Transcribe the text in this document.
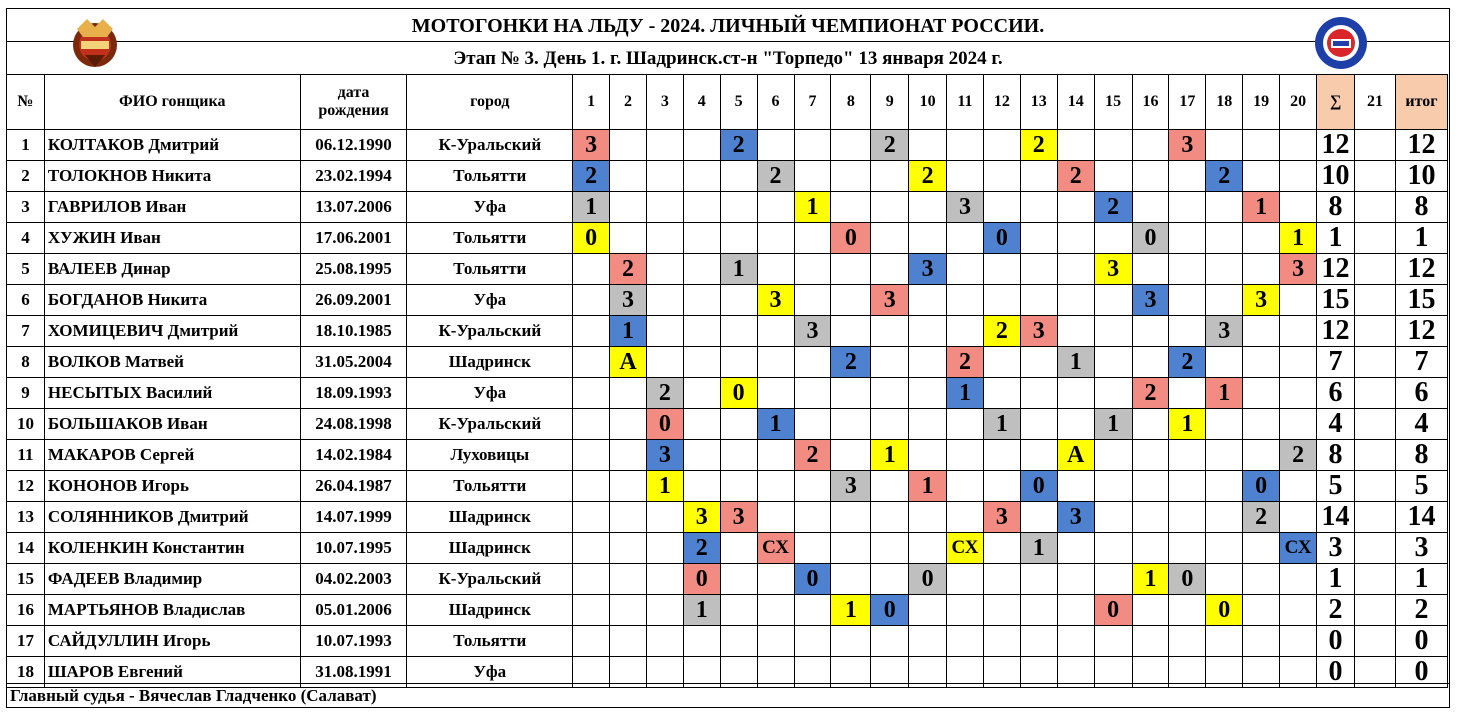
МОТОГОНКИ НА ЛЬДУ - 2024. ЛИЧНЫЙ ЧЕМПИОНАТ РОССИИ.
Этап № 3. День 1. г. Шадринск.ст-н "Торпедо" 13 января 2024 г.
№	ФИО гонщика	дата рождения	город	1	2	3	4	5	6	7	8	9	10	11	12	13	14	15	16	17	18	19	20	∑	21	итог
1	КОЛТАКОВ Дмитрий	06.12.1990	К-Уральский	3				2				2				2				3				12		12
2	ТОЛОКНОВ Никита	23.02.1994	Тольятти	2					2				2				2				2			10		10
3	ГАВРИЛОВ Иван	13.07.2006	Уфа	1						1				3				2				1		8		8
4	ХУЖИН Иван	17.06.2001	Тольятти	0							0				0				0				1	1		1
5	ВАЛЕЕВ Динар	25.08.1995	Тольятти		2			1					3					3					3	12		12
6	БОГДАНОВ Никита	26.09.2001	Уфа		3				3			3							3			3		15		15
7	ХОМИЦЕВИЧ Дмитрий	18.10.1985	К-Уральский		1					3					2	3					3			12		12
8	ВОЛКОВ Матвей	31.05.2004	Шадринск		А						2			2			1			2				7		7
9	НЕСЫТЫХ Василий	18.09.1993	Уфа			2		0						1					2		1			6		6
10	БОЛЬШАКОВ Иван	24.08.1998	К-Уральский			0			1						1			1		1				4		4
11	МАКАРОВ Сергей	14.02.1984	Луховицы			3				2		1					А						2	8		8
12	КОНОНОВ Игорь	26.04.1987	Тольятти			1					3		1			0						0		5		5
13	СОЛЯННИКОВ Дмитрий	14.07.1999	Шадринск				3	3							3		3					2		14		14
14	КОЛЕНКИН Константин	10.07.1995	Шадринск				2		СХ					СХ		1							СХ	3		3
15	ФАДЕЕВ Владимир	04.02.2003	К-Уральский				0			0			0						1	0				1		1
16	МАРТЬЯНОВ Владислав	05.01.2006	Шадринск				1				1	0						0			0			2		2
17	САЙДУЛЛИН Игорь	10.07.1993	Тольятти																					0		0
18	ШАРОВ Евгений	31.08.1991	Уфа																					0		0
Главный судья - Вячеслав Гладченко (Салават)
